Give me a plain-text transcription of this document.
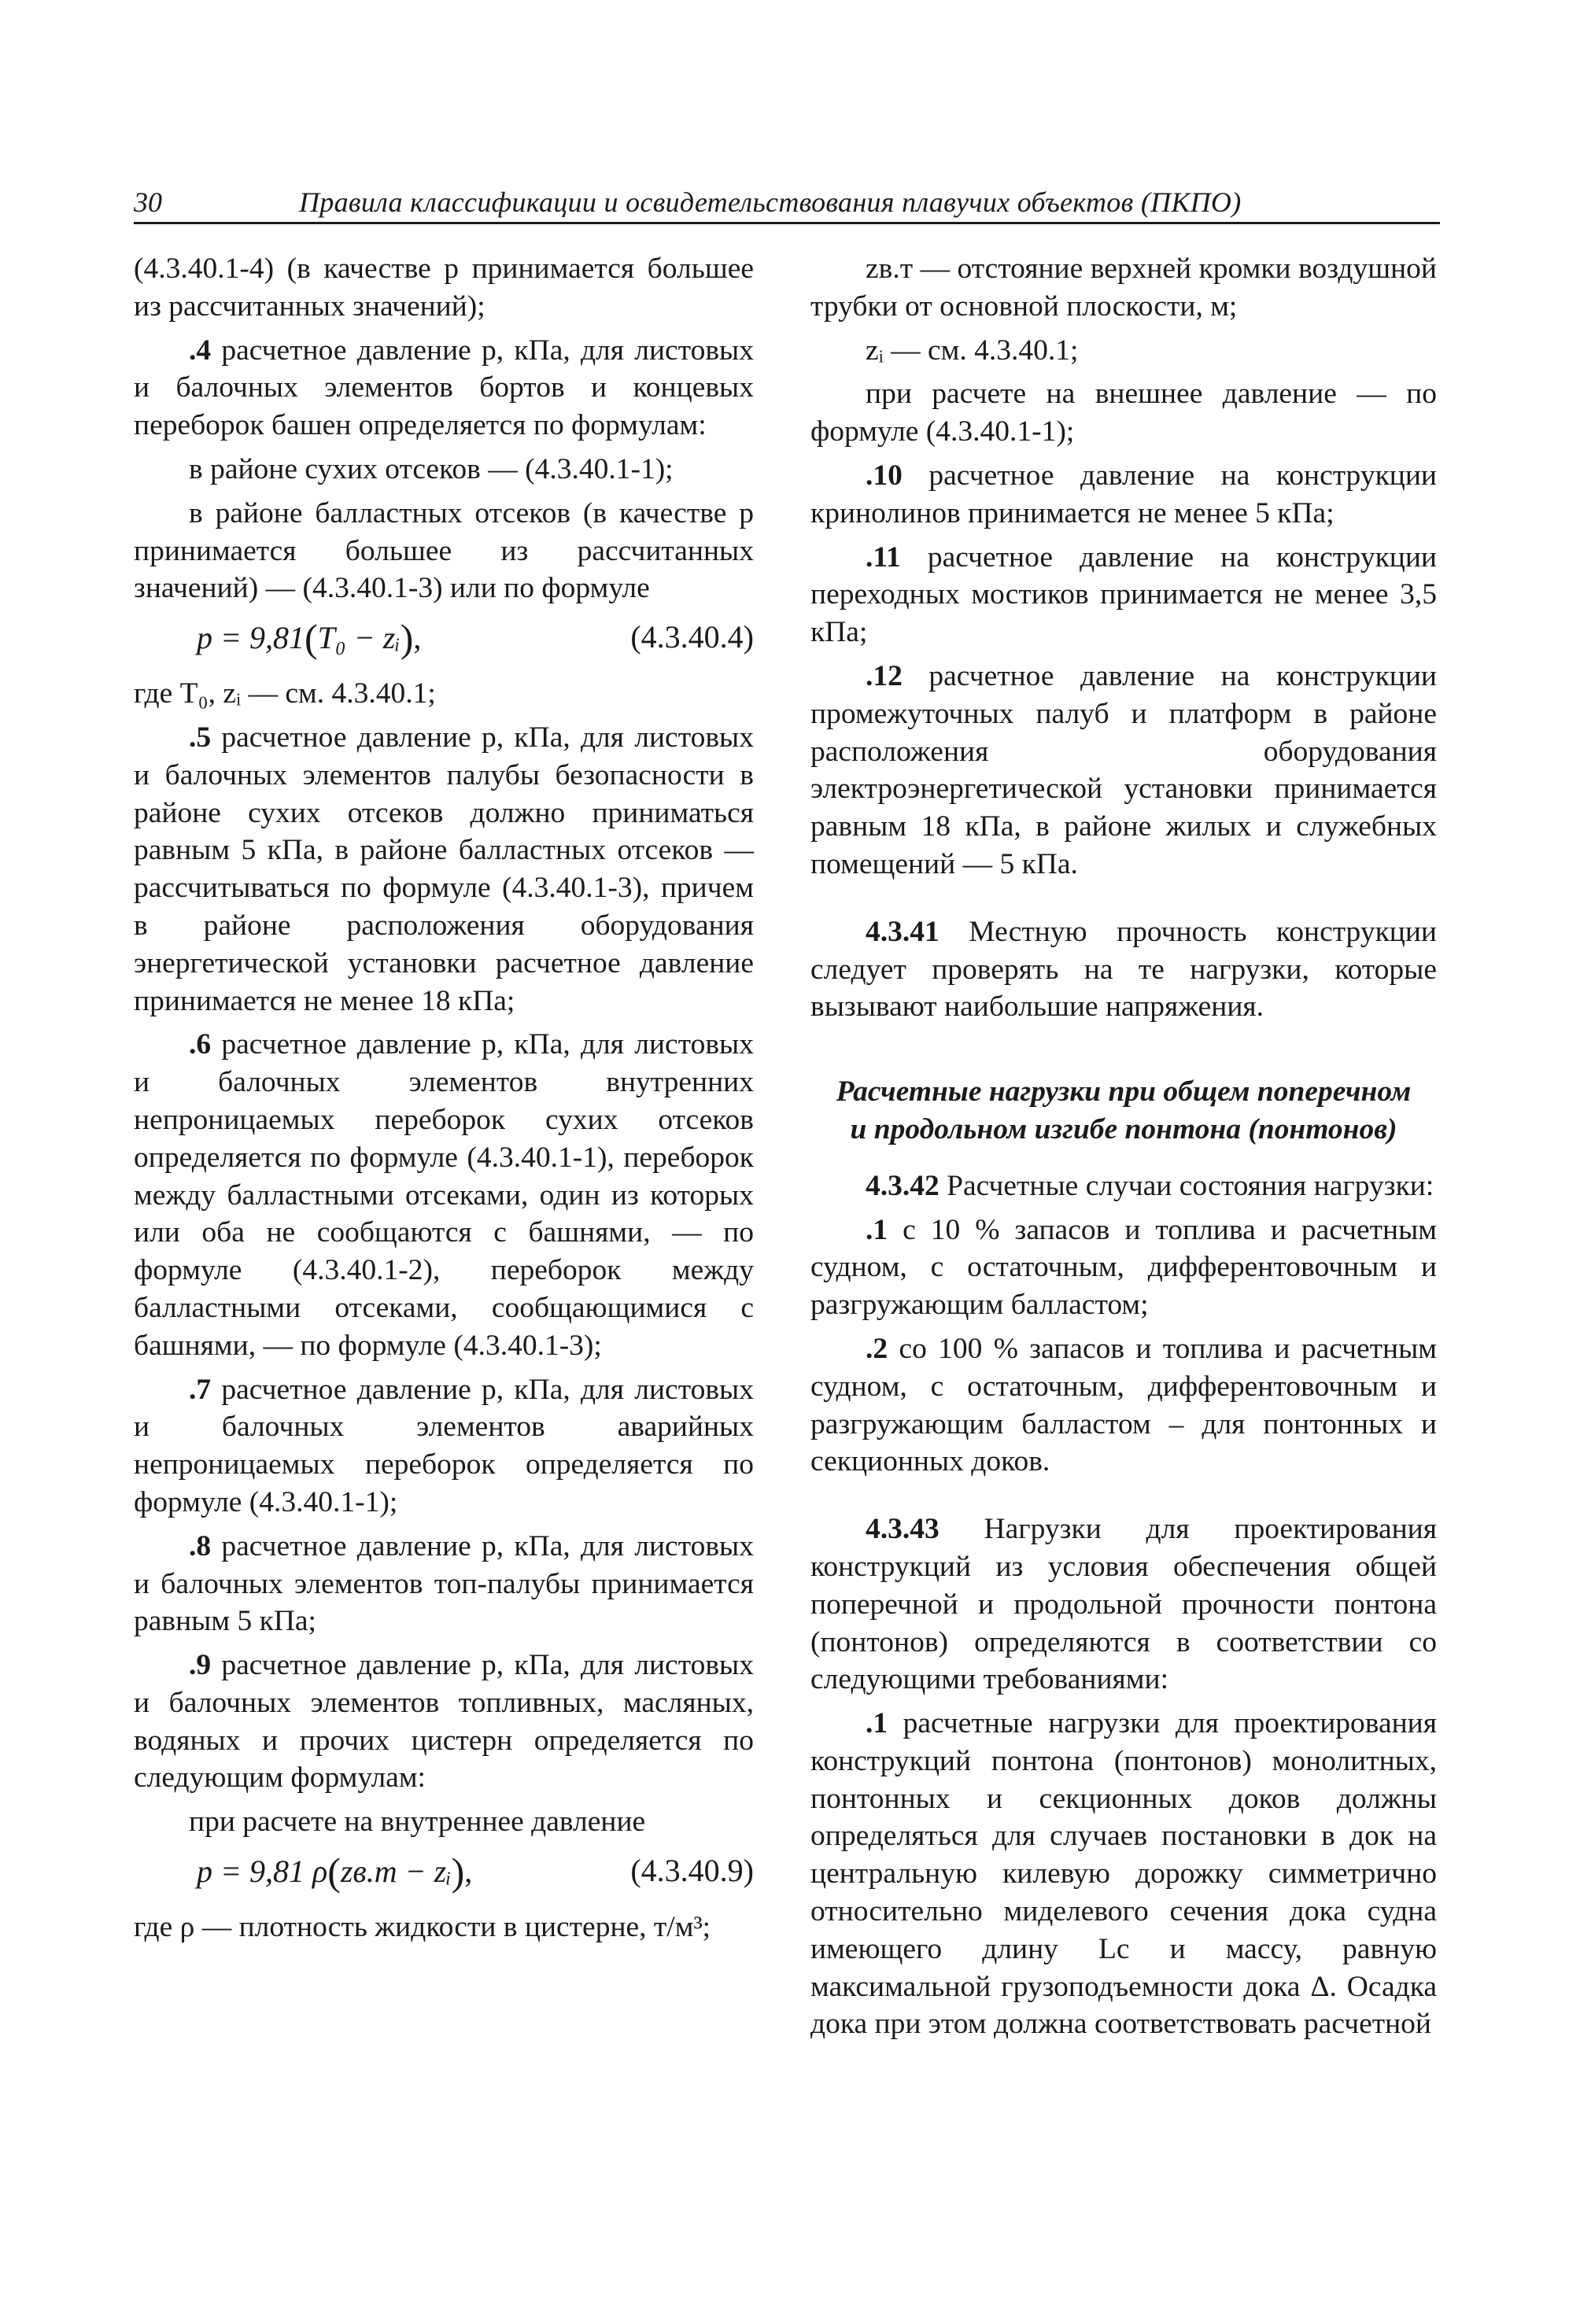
30	Правила классификации и освидетельствования плавучих объектов (ПКПО)

(4.3.40.1-4) (в качестве p принимается большее из рассчитанных значений);

.4 расчетное давление p, кПа, для листовых и балочных элементов бортов и концевых переборок башен определяется по формулам:

в районе сухих отсеков — (4.3.40.1-1);

в районе балластных отсеков (в качестве p принимается большее из рассчитанных значений) — (4.3.40.1-3) или по формуле

p = 9,81(T₀ − zᵢ),	(4.3.40.4)

где T₀, zᵢ — см. 4.3.40.1;

.5 расчетное давление p, кПа, для листовых и балочных элементов палубы безопасности в районе сухих отсеков должно приниматься равным 5 кПа, в районе балластных отсеков — рассчитываться по формуле (4.3.40.1-3), причем в районе расположения оборудования энергетической установки расчетное давление принимается не менее 18 кПа;

.6 расчетное давление p, кПа, для листовых и балочных элементов внутренних непроницаемых переборок сухих отсеков определяется по формуле (4.3.40.1-1), переборок между балластными отсеками, один из которых или оба не сообщаются с башнями, — по формуле (4.3.40.1-2), переборок между балластными отсеками, сообщающимися с башнями, — по формуле (4.3.40.1-3);

.7 расчетное давление p, кПа, для листовых и балочных элементов аварийных непроницаемых переборок определяется по формуле (4.3.40.1-1);

.8 расчетное давление p, кПа, для листовых и балочных элементов топ-палубы принимается равным 5 кПа;

.9 расчетное давление p, кПа, для листовых и балочных элементов топливных, масляных, водяных и прочих цистерн определяется по следующим формулам:

при расчете на внутреннее давление

p = 9,81 ρ(zв.т − zᵢ),	(4.3.40.9)

где ρ — плотность жидкости в цистерне, т/м³;

zв.т — отстояние верхней кромки воздушной трубки от основной плоскости, м;

zᵢ — см. 4.3.40.1;

при расчете на внешнее давление — по формуле (4.3.40.1-1);

.10 расчетное давление на конструкции кринолинов принимается не менее 5 кПа;

.11 расчетное давление на конструкции переходных мостиков принимается не менее 3,5 кПа;

.12 расчетное давление на конструкции промежуточных палуб и платформ в районе расположения оборудования электроэнергетической установки принимается равным 18 кПа, в районе жилых и служебных помещений — 5 кПа.

4.3.41 Местную прочность конструкции следует проверять на те нагрузки, которые вызывают наибольшие напряжения.

Расчетные нагрузки при общем поперечном
и продольном изгибе понтона (понтонов)

4.3.42 Расчетные случаи состояния нагрузки:

.1 с 10 % запасов и топлива и расчетным судном, с остаточным, дифферентовочным и разгружающим балластом;

.2 со 100 % запасов и топлива и расчетным судном, с остаточным, дифферентовочным и разгружающим балластом – для понтонных и секционных доков.

4.3.43 Нагрузки для проектирования конструкций из условия обеспечения общей поперечной и продольной прочности понтона (понтонов) определяются в соответствии со следующими требованиями:

.1 расчетные нагрузки для проектирования конструкций понтона (понтонов) монолитных, понтонных и секционных доков должны определяться для случаев постановки в док на центральную килевую дорожку симметрично относительно миделевого сечения дока судна имеющего длину Lс и массу, равную максимальной грузоподъемности дока Δ. Осадка дока при этом должна соответствовать расчетной
